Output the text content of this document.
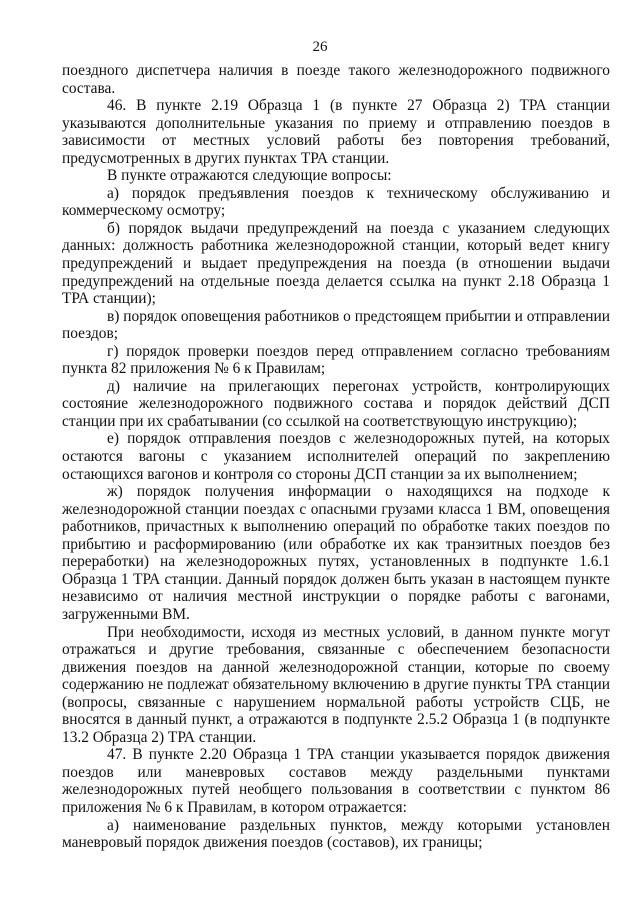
26

поездного диспетчера наличия в поезде такого железнодорожного подвижного состава.

46. В пункте 2.19 Образца 1 (в пункте 27 Образца 2) ТРА станции указываются дополнительные указания по приему и отправлению поездов в зависимости от местных условий работы без повторения требований, предусмотренных в других пунктах ТРА станции.

В пункте отражаются следующие вопросы:

а) порядок предъявления поездов к техническому обслуживанию и коммерческому осмотру;

б) порядок выдачи предупреждений на поезда с указанием следующих данных: должность работника железнодорожной станции, который ведет книгу предупреждений и выдает предупреждения на поезда (в отношении выдачи предупреждений на отдельные поезда делается ссылка на пункт 2.18 Образца 1 ТРА станции);

в) порядок оповещения работников о предстоящем прибытии и отправлении поездов;

г) порядок проверки поездов перед отправлением согласно требованиям пункта 82 приложения № 6 к Правилам;

д) наличие на прилегающих перегонах устройств, контролирующих состояние железнодорожного подвижного состава и порядок действий ДСП станции при их срабатывании (со ссылкой на соответствующую инструкцию);

е) порядок отправления поездов с железнодорожных путей, на которых остаются вагоны с указанием исполнителей операций по закреплению остающихся вагонов и контроля со стороны ДСП станции за их выполнением;

ж) порядок получения информации о находящихся на подходе к железнодорожной станции поездах с опасными грузами класса 1 ВМ, оповещения работников, причастных к выполнению операций по обработке таких поездов по прибытию и расформированию (или обработке их как транзитных поездов без переработки) на железнодорожных путях, установленных в подпункте 1.6.1 Образца 1 ТРА станции. Данный порядок должен быть указан в настоящем пункте независимо от наличия местной инструкции о порядке работы с вагонами, загруженными ВМ.

При необходимости, исходя из местных условий, в данном пункте могут отражаться и другие требования, связанные с обеспечением безопасности движения поездов на данной железнодорожной станции, которые по своему содержанию не подлежат обязательному включению в другие пункты ТРА станции (вопросы, связанные с нарушением нормальной работы устройств СЦБ, не вносятся в данный пункт, а отражаются в подпункте 2.5.2 Образца 1 (в подпункте 13.2 Образца 2) ТРА станции.

47. В пункте 2.20 Образца 1 ТРА станции указывается порядок движения поездов или маневровых составов между раздельными пунктами железнодорожных путей необщего пользования в соответствии с пунктом 86 приложения № 6 к Правилам, в котором отражается:

а) наименование раздельных пунктов, между которыми установлен маневровый порядок движения поездов (составов), их границы;
